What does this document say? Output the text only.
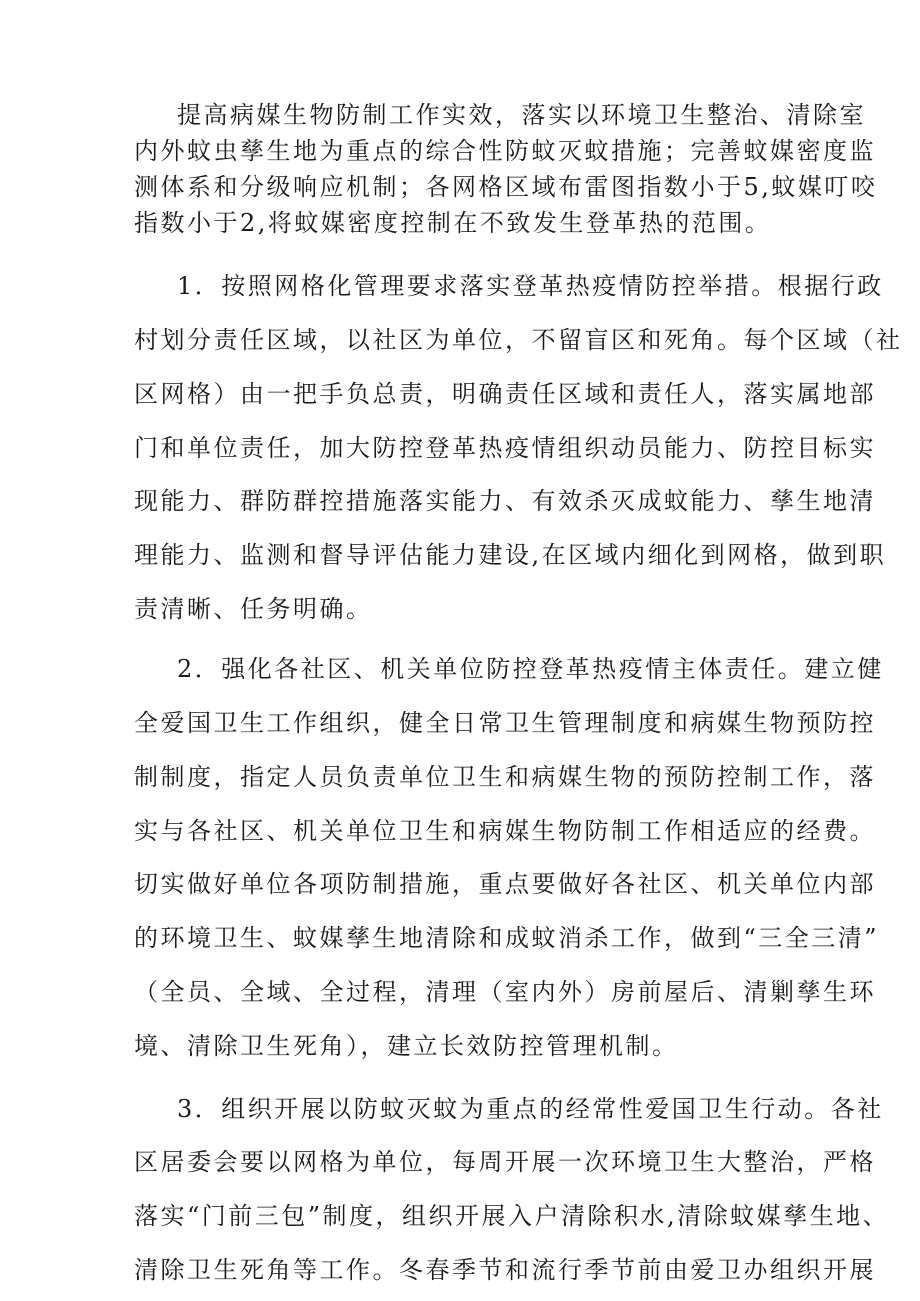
提高病媒生物防制工作实效，落实以环境卫生整治、清除室
内外蚊虫孳生地为重点的综合性防蚊灭蚊措施；完善蚊媒密度监
测体系和分级响应机制；各网格区域布雷图指数小于5,蚊媒叮咬
指数小于2,将蚊媒密度控制在不致发生登革热的范围。
1．按照网格化管理要求落实登革热疫情防控举措。根据行政
村划分责任区域，以社区为单位，不留盲区和死角。每个区域（社
区网格）由一把手负总责，明确责任区域和责任人，落实属地部
门和单位责任，加大防控登革热疫情组织动员能力、防控目标实
现能力、群防群控措施落实能力、有效杀灭成蚊能力、孳生地清
理能力、监测和督导评估能力建设,在区域内细化到网格，做到职
责清晰、任务明确。
2．强化各社区、机关单位防控登革热疫情主体责任。建立健
全爱国卫生工作组织，健全日常卫生管理制度和病媒生物预防控
制制度，指定人员负责单位卫生和病媒生物的预防控制工作，落
实与各社区、机关单位卫生和病媒生物防制工作相适应的经费。
切实做好单位各项防制措施，重点要做好各社区、机关单位内部
的环境卫生、蚊媒孳生地清除和成蚊消杀工作，做到“三全三清”
（全员、全域、全过程，清理（室内外）房前屋后、清剿孳生环
境、清除卫生死角），建立长效防控管理机制。
3．组织开展以防蚊灭蚊为重点的经常性爱国卫生行动。各社
区居委会要以网格为单位，每周开展一次环境卫生大整治，严格
落实“门前三包”制度，组织开展入户清除积水,清除蚊媒孳生地、
清除卫生死角等工作。冬春季节和流行季节前由爱卫办组织开展
